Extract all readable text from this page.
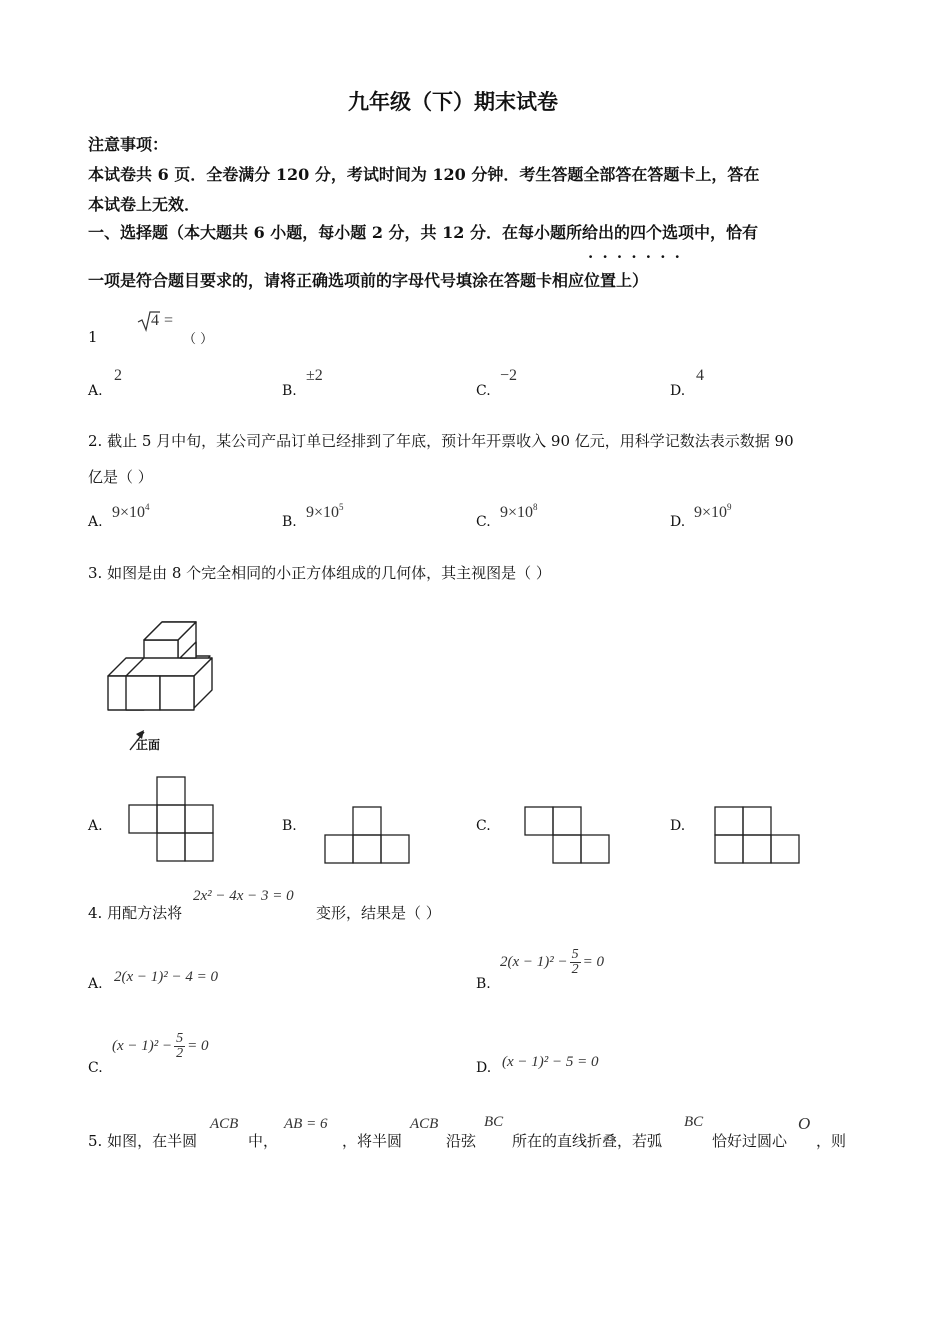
九年级（下）期末试卷
注意事项：
本试卷共 6 页．全卷满分 120 分，考试时间为 120 分钟．考生答题全部答在答题卡上，答在
本试卷上无效．
一、选择题（本大题共 6 小题，每小题 2 分，共 12 分．在每小题所给出的四个选项中，恰有
· · · · · · ·
一项是符合题目要求的，请将正确选项前的字母代号填涂在答题卡相应位置上）
1
4 =
（ ）
A.
2
B.
±2
C.
−2
D.
4
2. 截止 5 月中旬，某公司产品订单已经排到了年底，预计年开票收入 90 亿元，用科学记数法表示数据 90
亿是（ ）
A.
$9\times 10^4$
B.
$9\times 10^5$
C.
$9\times 10^8$
D.
$9\times 10^9$
3. 如图是由 8 个完全相同的小正方体组成的几何体，其主视图是（ ）
正面
A.	B.	C.	D.
4. 用配方法将
2x² − 4x − 3 = 0
变形，结果是（ ）
A. 2(x − 1)² − 4 = 0	B.
$2(x - 1)^2 - \frac{5}{2} = 0$
C.
$(x - 1)^2 - \frac{5}{2} = 0$
D. (x − 1)² − 5 = 0
5. 如图，在半圆
ACB
中，
AB = 6
，将半圆
ACB
沿弦
BC
所在的直线折叠，若弧
BC
恰好过圆心
O
，则
